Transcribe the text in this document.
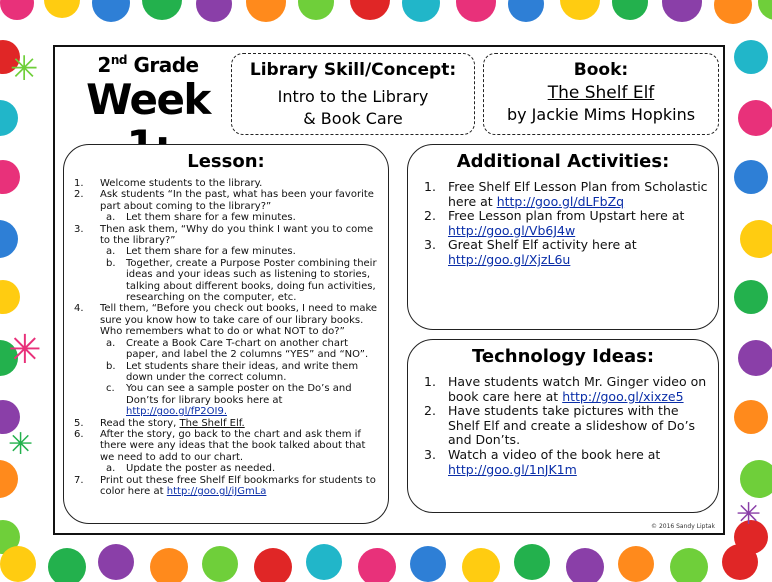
✳
✳
✳
✳
2nd Grade
Week
Library Skill/Concept:
Intro to the Library
& Book Care
Book:
The Shelf Elf
by Jackie Mims Hopkins
Lesson:
1.	Welcome students to the library.
2.	Ask students “In the past, what has been your favorite part about coming to the library?”
a.	Let them share for a few minutes.
3.	Then ask them, “Why do you think I want you to come to the library?”
a.	Let them share for a few minutes.
b.	Together, create a Purpose Poster combining their ideas and your ideas such as listening to stories, talking about different books, doing fun activities, researching on the computer, etc.
4.	Tell them, “Before you check out books, I need to make sure you know how to take care of our library books. Who remembers what to do or what NOT to do?”
a.	Create a Book Care T-chart on another chart paper, and label the 2 columns “YES” and “NO”.
b.	Let students share their ideas, and write them down under the correct column.
c.	You can see a sample poster on the Do’s and Don’ts for library books here at http://goo.gl/fP2OI9.
5.	Read the story, The Shelf Elf.
6.	After the story, go back to the chart and ask them if there were any ideas that the book talked about that we need to add to our chart.
a.	Update the poster as needed.
7.	Print out these free Shelf Elf bookmarks for students to color here at http://goo.gl/iJGmLa
Additional Activities:
1. Free Shelf Elf Lesson Plan from Scholastic here at http://goo.gl/dLFbZq
2. Free Lesson plan from Upstart here at http://goo.gl/Vb6J4w
3. Great Shelf Elf activity here at http://goo.gl/XjzL6u
Technology Ideas:
1. Have students watch Mr. Ginger video on book care here at http://goo.gl/xixze5
2. Have students take pictures with the Shelf Elf and create a slideshow of Do’s and Don’ts.
3. Watch a video of the book here at http://goo.gl/1nJK1m
© 2016 Sandy Liptak
